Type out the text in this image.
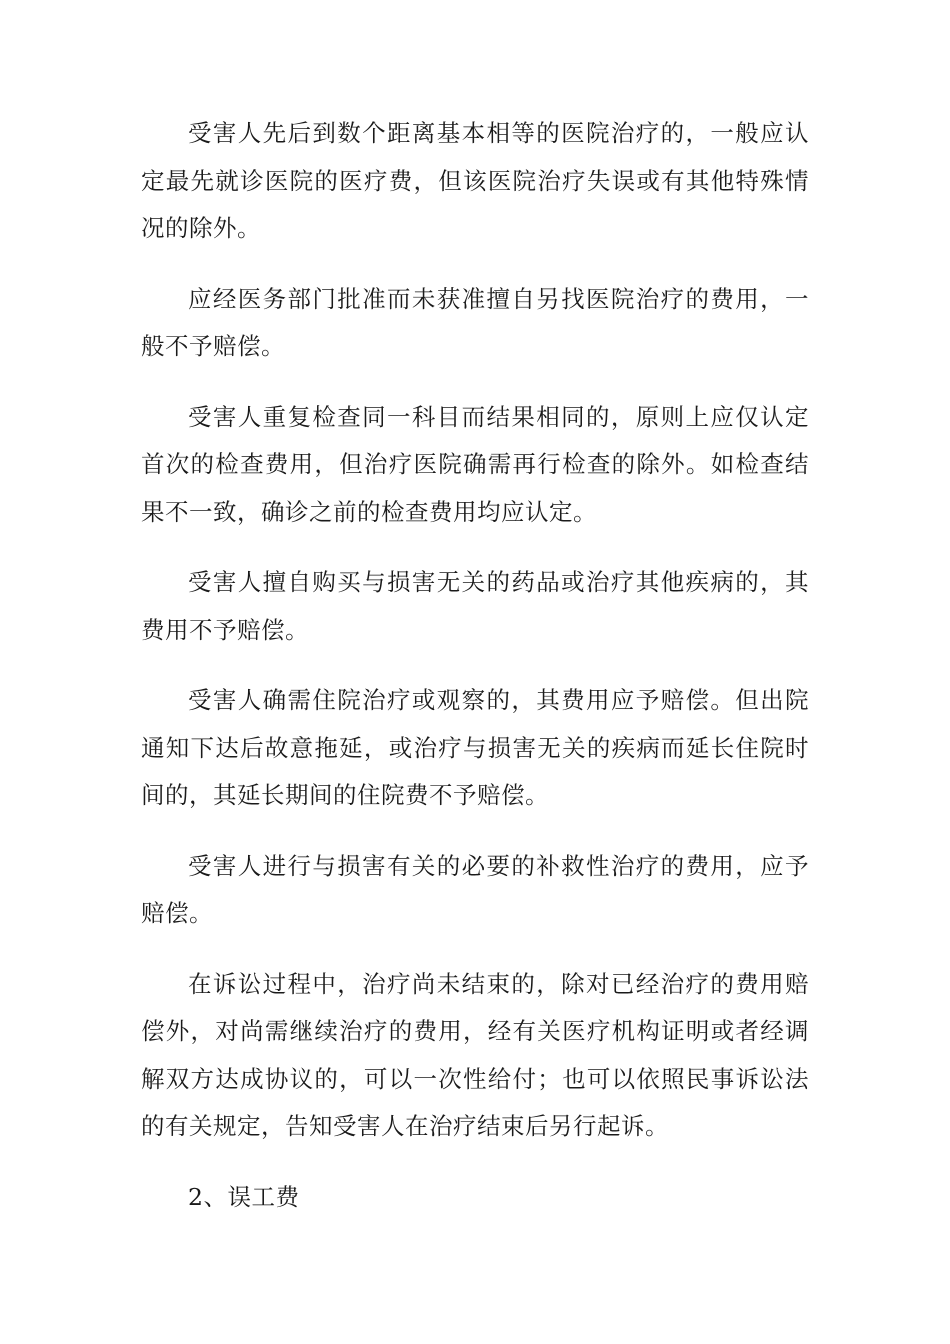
受害人先后到数个距离基本相等的医院治疗的，一般应认定最先就诊医院的医疗费，但该医院治疗失误或有其他特殊情况的除外。

应经医务部门批准而未获准擅自另找医院治疗的费用，一般不予赔偿。

受害人重复检查同一科目而结果相同的，原则上应仅认定首次的检查费用，但治疗医院确需再行检查的除外。如检查结果不一致，确诊之前的检查费用均应认定。

受害人擅自购买与损害无关的药品或治疗其他疾病的，其费用不予赔偿。

受害人确需住院治疗或观察的，其费用应予赔偿。但出院通知下达后故意拖延，或治疗与损害无关的疾病而延长住院时间的，其延长期间的住院费不予赔偿。

受害人进行与损害有关的必要的补救性治疗的费用，应予赔偿。

在诉讼过程中，治疗尚未结束的，除对已经治疗的费用赔偿外，对尚需继续治疗的费用，经有关医疗机构证明或者经调解双方达成协议的，可以一次性给付；也可以依照民事诉讼法的有关规定，告知受害人在治疗结束后另行起诉。

2、误工费
